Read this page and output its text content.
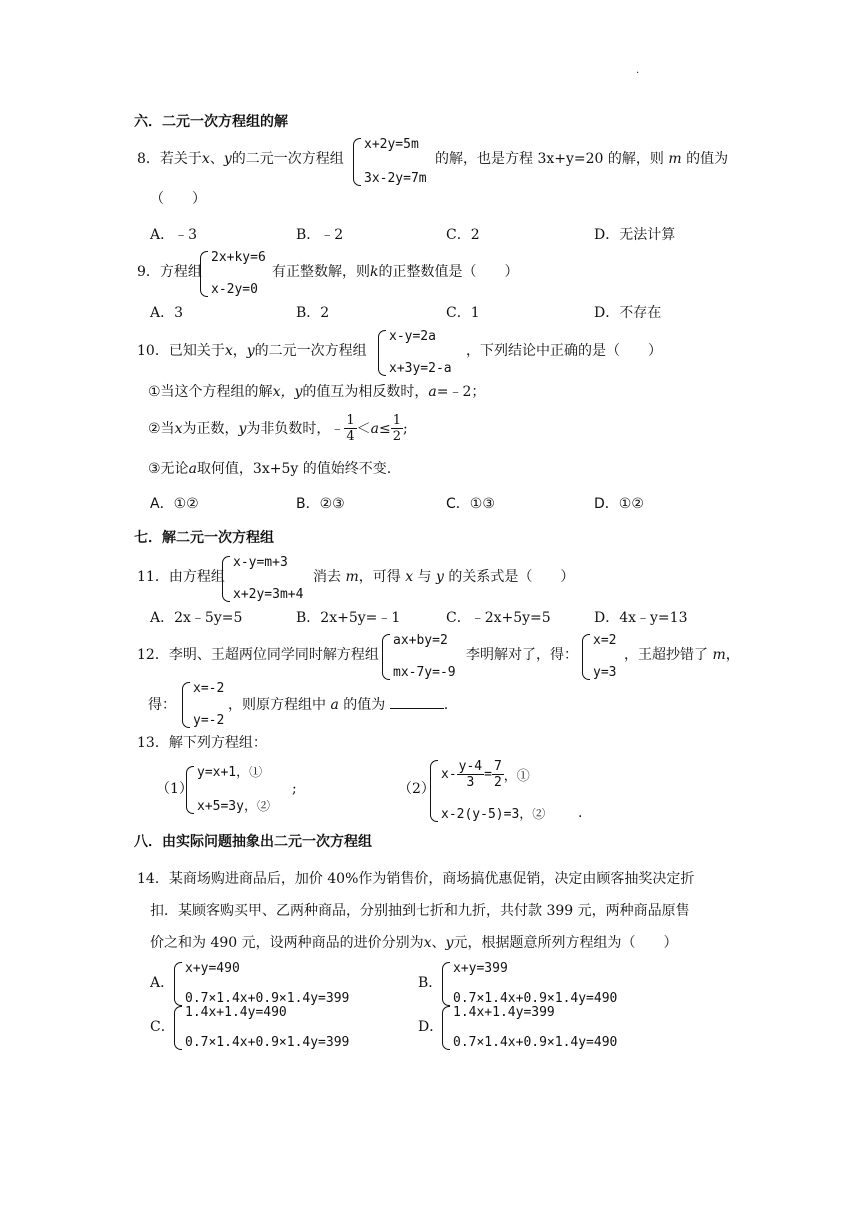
.
六．二元一次方程组的解
8．若关于x、y的二元一次方程组
x+2y=5m
3x-2y=7m
的解，也是方程 3x+y=20 的解，则 m 的值为
（　　）
A．﹣3	B．﹣2	C．2	D．无法计算
9．方程组
2x+ky=6
x-2y=0
有正整数解，则k的正整数值是（　　）
A．3	B．2	C．1	D．不存在
10．已知关于x，y的二元一次方程组
x-y=2a
x+3y=2-a
，下列结论中正确的是（　　）
①当这个方程组的解x，y的值互为相反数时，a=﹣2；
②当 x 为正数， y 为非负数时，﹣ $\frac{1}{4} < a \le \frac{1}{2}$ ;
③无论a取何值，3x+5y 的值始终不变.
A．①②	B．②③	C．①③	D．①②
七．解二元一次方程组
11．由方程组
x-y=m+3
x+2y=3m+4
消去 m，可得 x 与 y 的关系式是（　　）
A．2x﹣5y=5	B．2x+5y=﹣1	C．﹣2x+5y=5	D．4x﹣y=13
12．李明、王超两位同学同时解方程组
ax+by=2
mx-7y=-9
李明解对了，得：
x=2
y=3
，王超抄错了 m，
得：
x=-2
y=-2
，则原方程组中 a 的值为	.
13．解下列方程组：
（1）
y=x+1，①
x+5=3y，②
;	（2）
$x- \frac{y-4}{3} = \frac{7}{2}$ ，①
x-2(y-5)=3，② .
八．由实际问题抽象出二元一次方程组
14．某商场购进商品后，加价 40%作为销售价，商场搞优惠促销，决定由顾客抽奖决定折
扣．某顾客购买甲、乙两种商品，分别抽到七折和九折，共付款 399 元，两种商品原售
价之和为 490 元，设两种商品的进价分别为x、y元，根据题意所列方程组为（　　）
A．
x+y=490
0.7×1.4x+0.9×1.4y=399
B．
x+y=399
0.7×1.4x+0.9×1.4y=490
C．
1.4x+1.4y=490
0.7×1.4x+0.9×1.4y=399
D．
1.4x+1.4y=399
0.7×1.4x+0.9×1.4y=490
